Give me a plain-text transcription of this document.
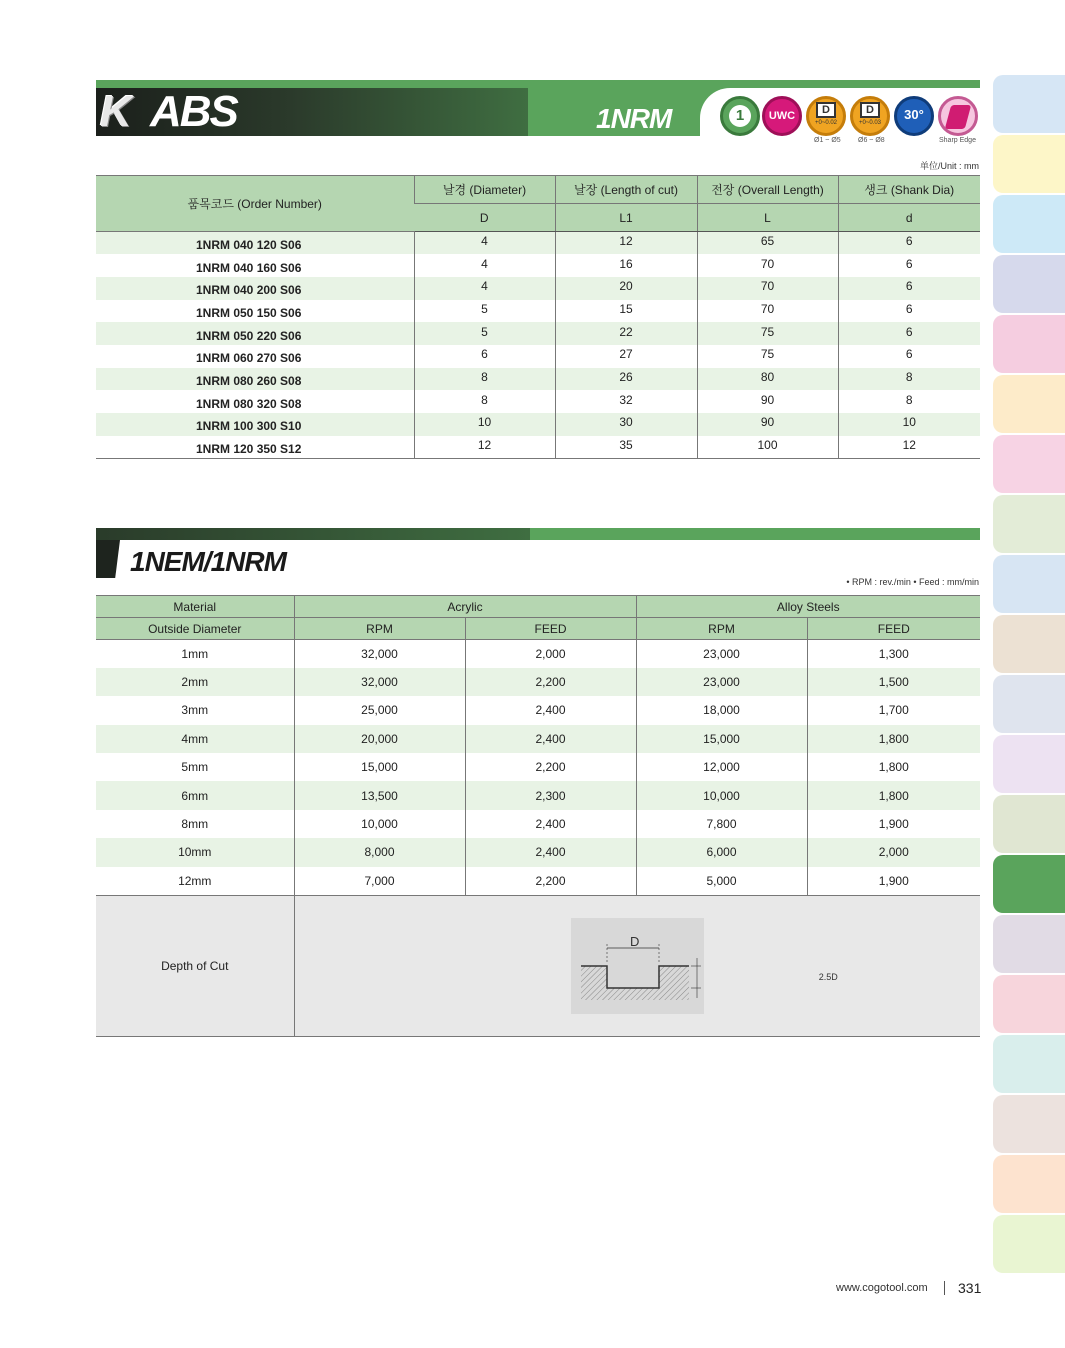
K ABS	1NRM	1	UWC	D
+0~0.02
D
+0~0.03
30°
Ø1 ~ Ø5 Ø6 ~ Ø8	Sharp Edge
单位/Unit : mm
품목코드 (Order Number)	날경 (Diameter)	날장 (Length of cut)	전장 (Overall Length)	생크 (Shank Dia)
	D	L1	L	d
1NRM 040 120 S06	4	12	65	6
1NRM 040 160 S06	4	16	70	6
1NRM 040 200 S06	4	20	70	6
1NRM 050 150 S06	5	15	70	6
1NRM 050 220 S06	5	22	75	6
1NRM 060 270 S06	6	27	75	6
1NRM 080 260 S08	8	26	80	8
1NRM 080 320 S08	8	32	90	8
1NRM 100 300 S10	10	30	90	10
1NRM 120 350 S12	12	35	100	12
1NEM/1NRM
• RPM : rev./min • Feed : mm/min
Material	Acrylic		Alloy Steels	
Outside Diameter	RPM	FEED	RPM	FEED
1mm	32,000	2,000	23,000	1,300
2mm	32,000	2,200	23,000	1,500
3mm	25,000	2,400	18,000	1,700
4mm	20,000	2,400	15,000	1,800
5mm	15,000	2,200	12,000	1,800
6mm	13,500	2,300	10,000	1,800
8mm	10,000	2,400	7,800	1,900
10mm	8,000	2,400	6,000	2,000
12mm	7,000	2,200	5,000	1,900
Depth of Cut	D
2.5D			
www.cogotool.com 331
